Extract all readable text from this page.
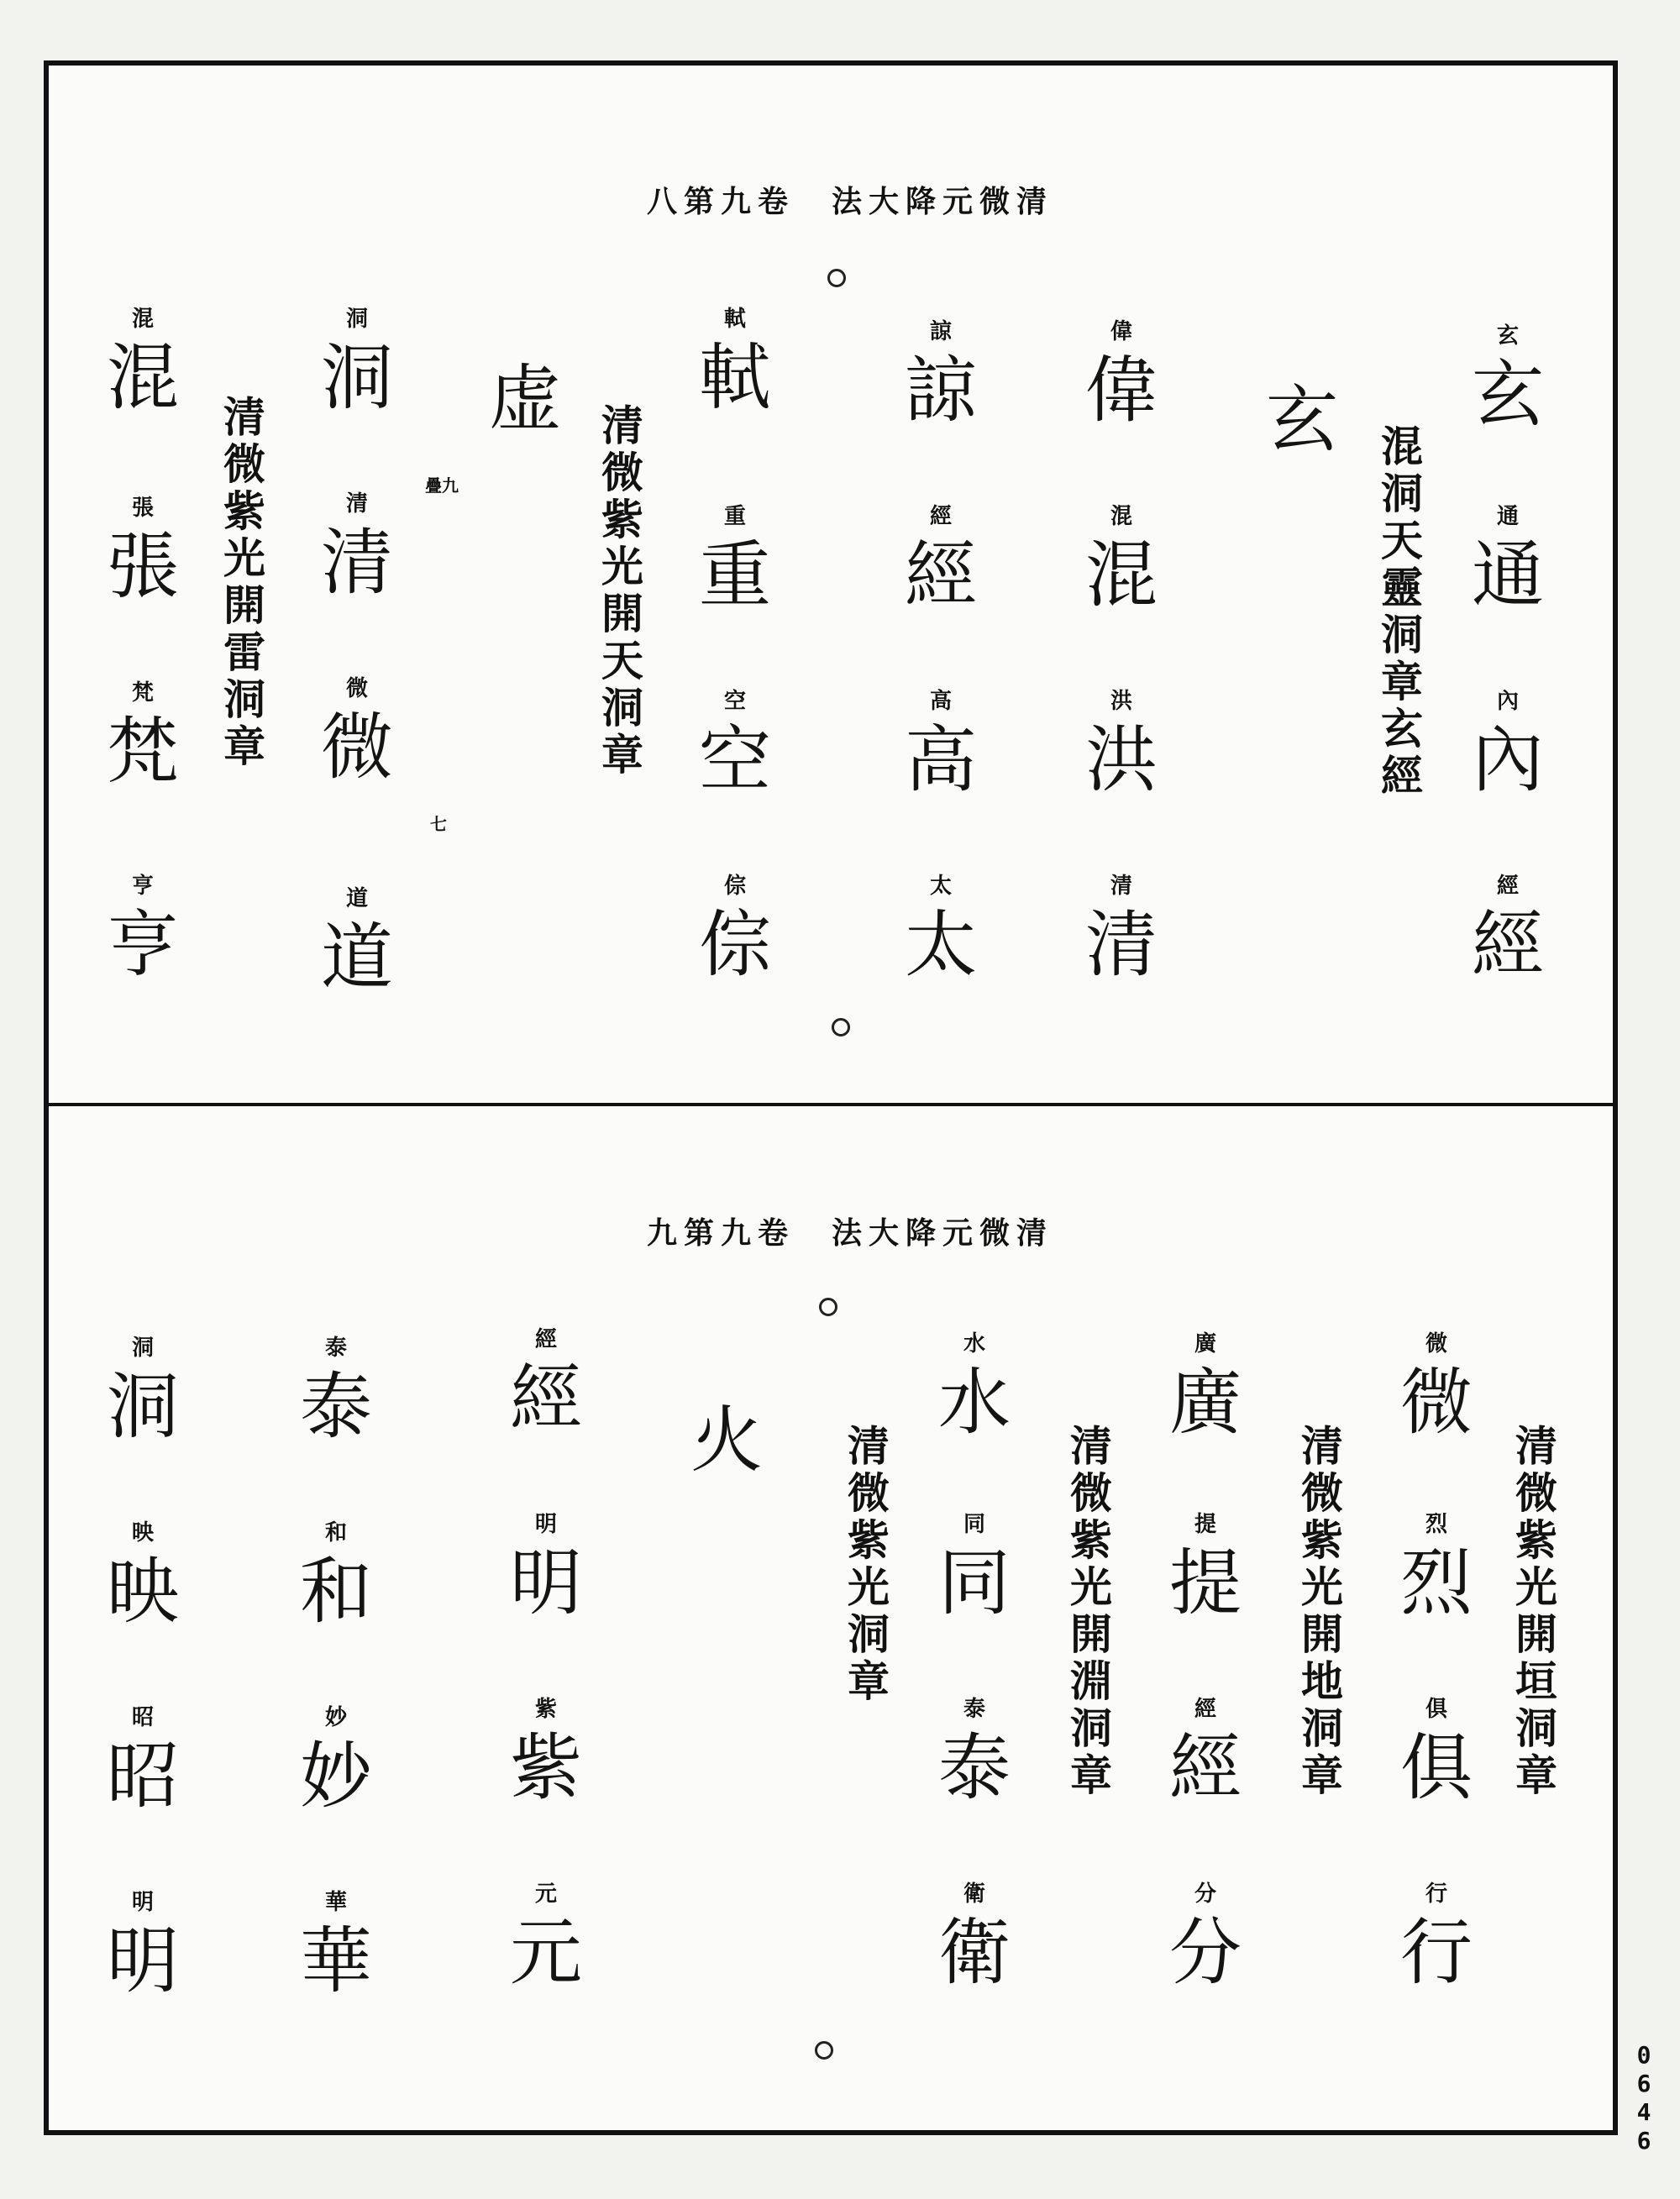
八第九卷　法大降元微清
混洞天靈洞章玄經
清微紫光開天洞章
清微紫光開雷洞章
玄
玄
通
通
內
內
經
經
玄
偉
偉
混
混
洪
洪
清
清
諒
諒
經
經
高
高
太
太
軾
軾
重
重
空
空
倧
倧
虚
洞
洞
清
清
微
微
道
道
混
混
張
張
梵
梵
亨
亨
疊九
七
九第九卷　法大降元微清
清微紫光開垣洞章
清微紫光開地洞章
清微紫光開淵洞章
清微紫光洞章
微
微
烈
烈
俱
俱
行
行
廣
廣
提
提
經
經
分
分
水
水
同
同
泰
泰
衛
衛
火
經
經
明
明
紫
紫
元
元
泰
泰
和
和
妙
妙
華
華
洞
洞
映
映
昭
昭
明
明
0646
